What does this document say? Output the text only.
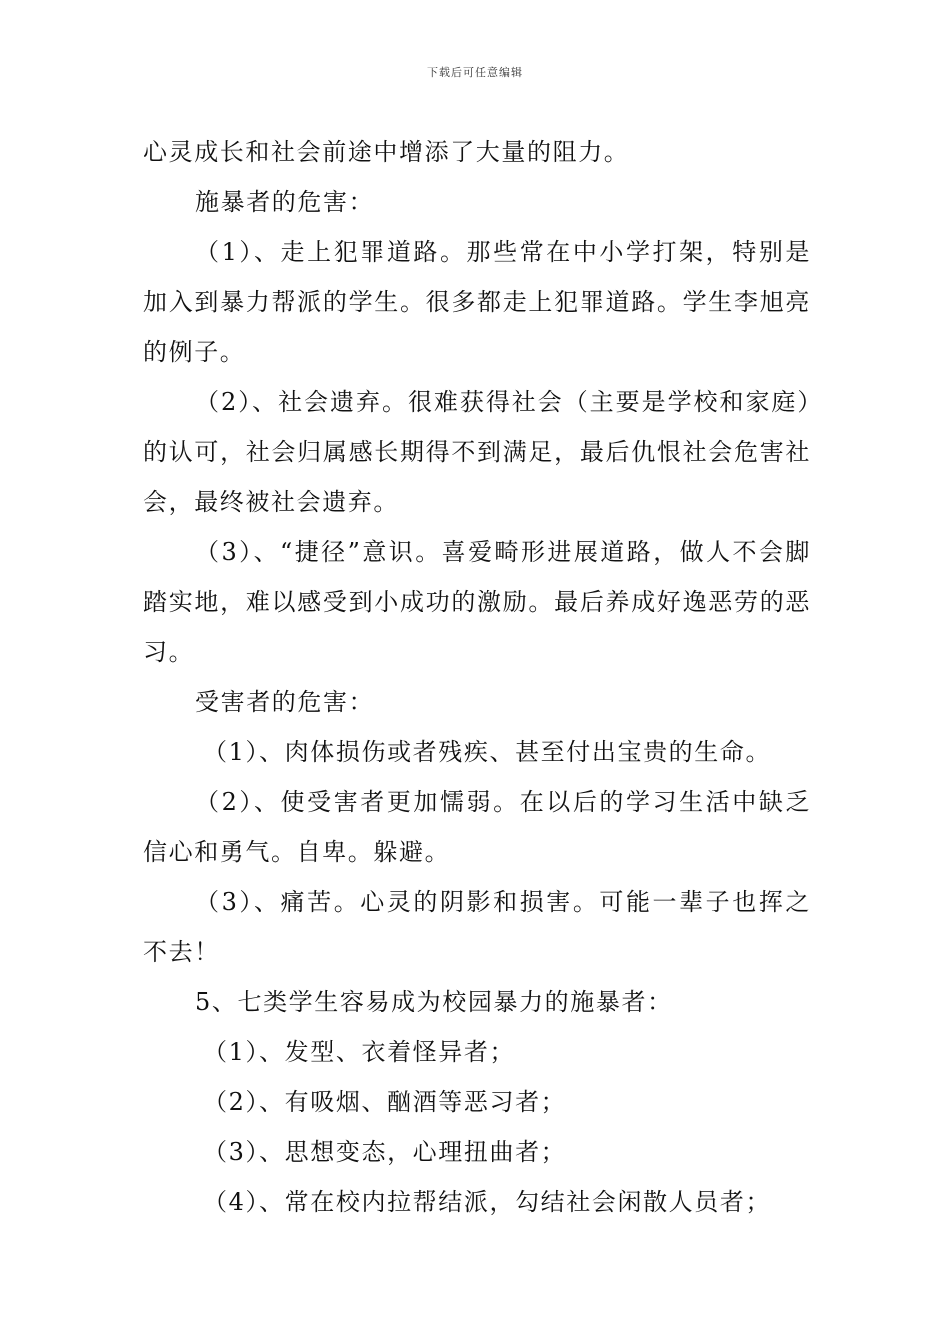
下载后可任意编辑

心灵成长和社会前途中增添了大量的阻力。

施暴者的危害：

（1）、走上犯罪道路。那些常在中小学打架，特别是加入到暴力帮派的学生。很多都走上犯罪道路。学生李旭亮的例子。

（2）、社会遗弃。很难获得社会（主要是学校和家庭）的认可，社会归属感长期得不到满足，最后仇恨社会危害社会，最终被社会遗弃。

（3）、“捷径”意识。喜爱畸形进展道路，做人不会脚踏实地，难以感受到小成功的激励。最后养成好逸恶劳的恶习。

受害者的危害：

（1）、肉体损伤或者残疾、甚至付出宝贵的生命。

（2）、使受害者更加懦弱。在以后的学习生活中缺乏信心和勇气。自卑。躲避。

（3）、痛苦。心灵的阴影和损害。可能一辈子也挥之不去！

5、七类学生容易成为校园暴力的施暴者：

（1）、发型、衣着怪异者；

（2）、有吸烟、酗酒等恶习者；

（3）、思想变态，心理扭曲者；

（4）、常在校内拉帮结派，勾结社会闲散人员者；
